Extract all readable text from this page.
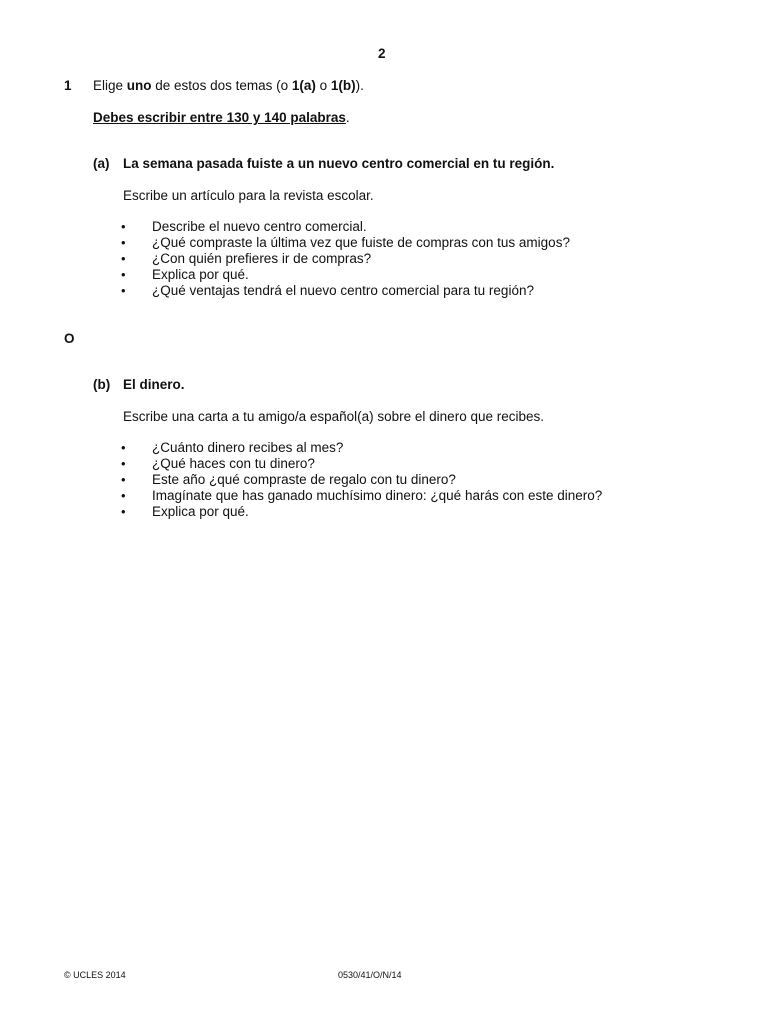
2
1 Elige uno de estos dos temas (o 1(a) o 1(b)).
Debes escribir entre 130 y 140 palabras.
(a) La semana pasada fuiste a un nuevo centro comercial en tu región.
Escribe un artículo para la revista escolar.
• Describe el nuevo centro comercial.
• ¿Qué compraste la última vez que fuiste de compras con tus amigos?
• ¿Con quién prefieres ir de compras?
• Explica por qué.
• ¿Qué ventajas tendrá el nuevo centro comercial para tu región?
O
(b) El dinero.
Escribe una carta a tu amigo/a español(a) sobre el dinero que recibes.
• ¿Cuánto dinero recibes al mes?
• ¿Qué haces con tu dinero?
• Este año ¿qué compraste de regalo con tu dinero?
• Imagínate que has ganado muchísimo dinero: ¿qué harás con este dinero?
• Explica por qué.
© UCLES 2014	0530/41/O/N/14
